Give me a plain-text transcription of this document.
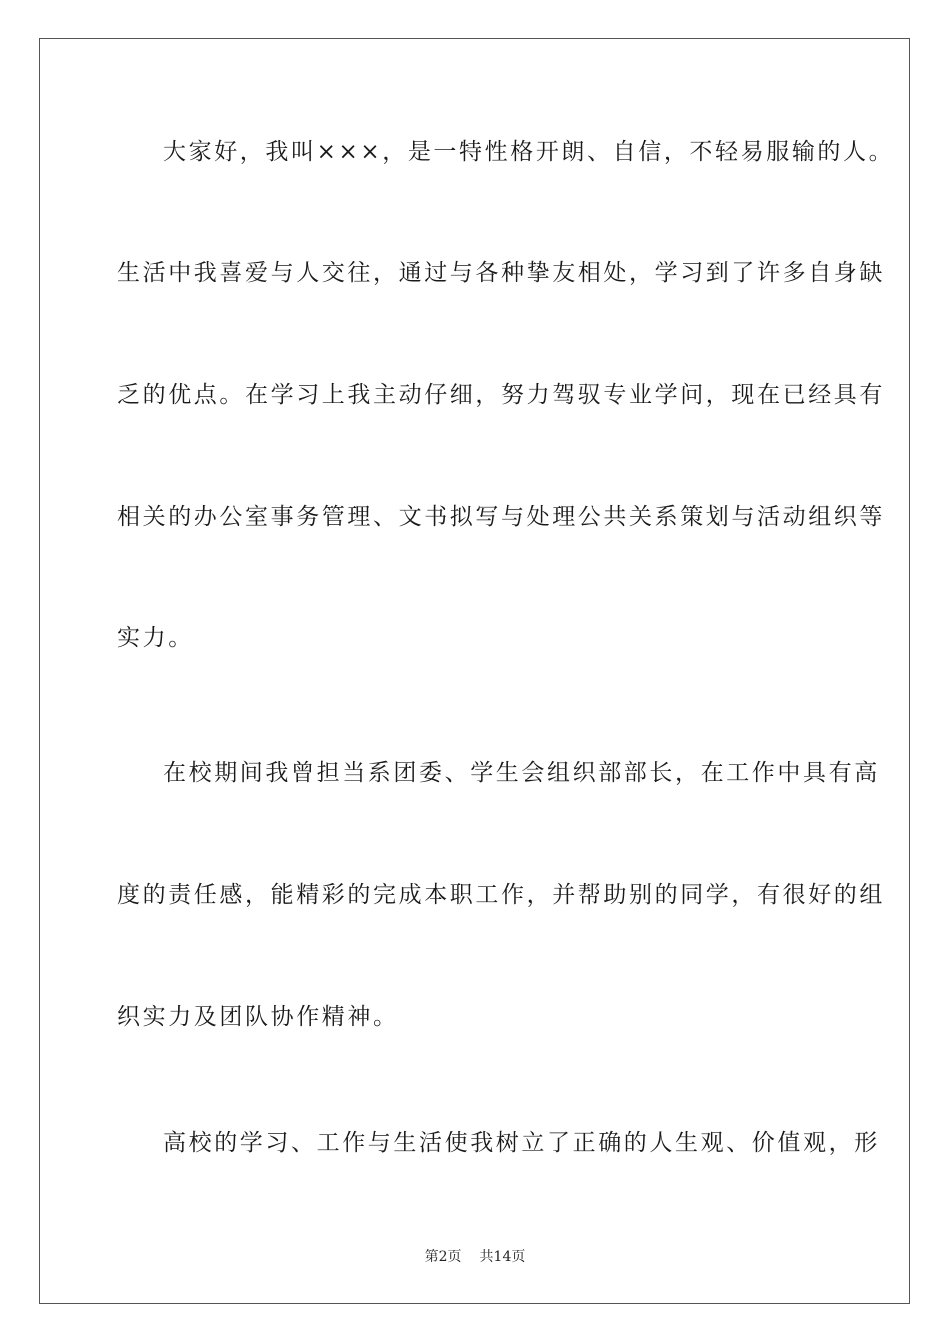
大家好，我叫×××，是一特性格开朗、自信，不轻易服输的人。
生活中我喜爱与人交往，通过与各种挚友相处，学习到了许多自身缺
乏的优点。在学习上我主动仔细，努力驾驭专业学问，现在已经具有
相关的办公室事务管理、文书拟写与处理公共关系策划与活动组织等
实力。
在校期间我曾担当系团委、学生会组织部部长，在工作中具有高
度的责任感，能精彩的完成本职工作，并帮助别的同学，有很好的组
织实力及团队协作精神。
高校的学习、工作与生活使我树立了正确的人生观、价值观，形
第2页 共14页
